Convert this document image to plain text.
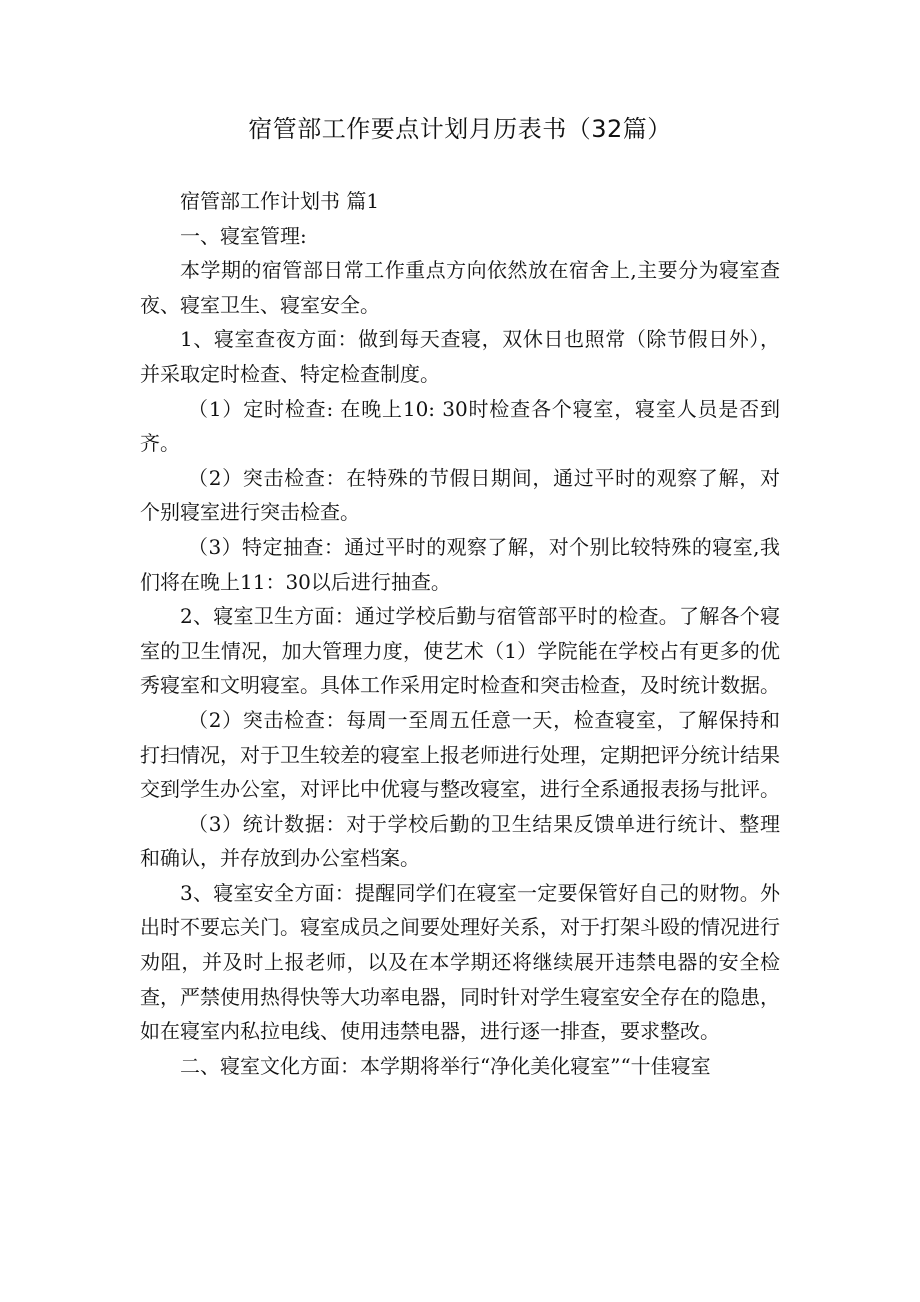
宿管部工作要点计划月历表书（32篇）

宿管部工作计划书 篇1

一、寝室管理:

本学期的宿管部日常工作重点方向依然放在宿舍上,主要分为寝室查夜、寝室卫生、寝室安全。

1、寝室查夜方面：做到每天查寝，双休日也照常（除节假日外），并采取定时检查、特定检查制度。

（1）定时检查: 在晚上10: 30时检查各个寝室，寝室人员是否到齐。

（2）突击检查：在特殊的节假日期间，通过平时的观察了解，对个别寝室进行突击检查。

（3）特定抽查：通过平时的观察了解，对个别比较特殊的寝室,我们将在晚上11：30以后进行抽查。

2、寝室卫生方面：通过学校后勤与宿管部平时的检查。了解各个寝室的卫生情况，加大管理力度，使艺术（1）学院能在学校占有更多的优秀寝室和文明寝室。具体工作采用定时检查和突击检查，及时统计数据。

（2）突击检查：每周一至周五任意一天，检查寝室，了解保持和打扫情况，对于卫生较差的寝室上报老师进行处理，定期把评分统计结果交到学生办公室，对评比中优寝与整改寝室，进行全系通报表扬与批评。

（3）统计数据：对于学校后勤的卫生结果反馈单进行统计、整理和确认，并存放到办公室档案。

3、寝室安全方面：提醒同学们在寝室一定要保管好自己的财物。外出时不要忘关门。寝室成员之间要处理好关系，对于打架斗殴的情况进行劝阻，并及时上报老师，以及在本学期还将继续展开违禁电器的安全检查，严禁使用热得快等大功率电器，同时针对学生寝室安全存在的隐患，如在寝室内私拉电线、使用违禁电器，进行逐一排查，要求整改。

二、寝室文化方面：本学期将举行“净化美化寝室”“十佳寝室
